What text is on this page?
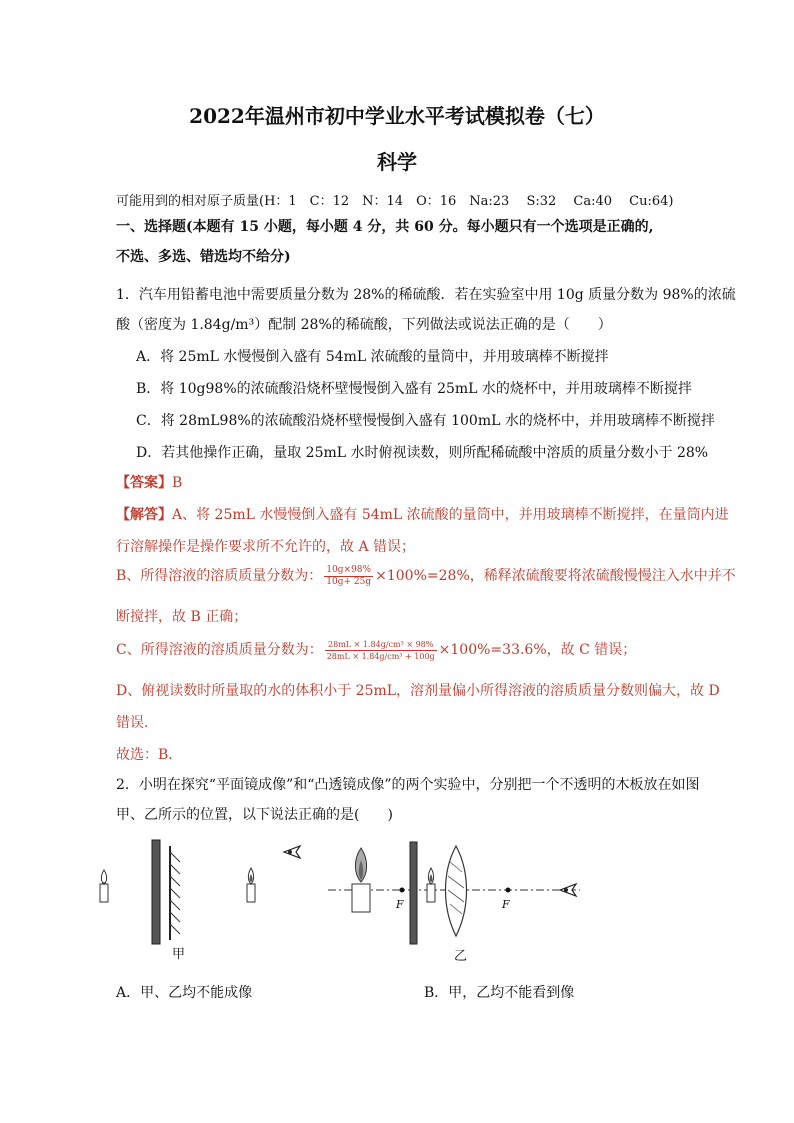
2022年温州市初中学业水平考试模拟卷（七）
科学
可能用到的相对原子质量(H：1　C：12　N：14　O：16　Na:23　 S:32　 Ca:40　 Cu:64)
一、选择题(本题有 15 小题，每小题 4 分，共 60 分。每小题只有一个选项是正确的,
不选、多选、错选均不给分)
1．汽车用铅蓄电池中需要质量分数为 28%的稀硫酸．若在实验室中用 10g 质量分数为 98%的浓硫
酸（密度为 1.84g/m³）配制 28%的稀硫酸，下列做法或说法正确的是（　　）
A．将 25mL 水慢慢倒入盛有 54mL 浓硫酸的量筒中，并用玻璃棒不断搅拌
B．将 10g98%的浓硫酸沿烧杯壁慢慢倒入盛有 25mL 水的烧杯中，并用玻璃棒不断搅拌
C．将 28mL98%的浓硫酸沿烧杯壁慢慢倒入盛有 100mL 水的烧杯中，并用玻璃棒不断搅拌
D．若其他操作正确，量取 25mL 水时俯视读数，则所配稀硫酸中溶质的质量分数小于 28%
【答案】B
【解答】A、将 25mL 水慢慢倒入盛有 54mL 浓硫酸的量筒中，并用玻璃棒不断搅拌，在量筒内进
行溶解操作是操作要求所不允许的，故 A 错误；
B、所得溶液的溶质质量分数为： $\frac{10g\times 98\%}{10g+ 25g} \times 100\%=28\%$，稀释浓硫酸要将浓硫酸慢慢注入水中并不
断搅拌，故 B 正确；
C、所得溶液的溶质质量分数为： $\frac{\text{28mL × 1.84g/cm³ × 98\%}}{\text{28mL × 1.84g/cm³ + 100g}} \times 100\%=33.6\%$，故 C 错误；
D、俯视读数时所量取的水的体积小于 25mL，溶剂量偏小所得溶液的溶质质量分数则偏大，故 D
错误．
故选：B．
2．小明在探究“平面镜成像”和“凸透镜成像”的两个实验中，分别把一个不透明的木板放在如图
甲、乙所示的位置，以下说法正确的是(　　)
甲
F	F
乙
A．甲、乙均不能成像	B．甲，乙均不能看到像
